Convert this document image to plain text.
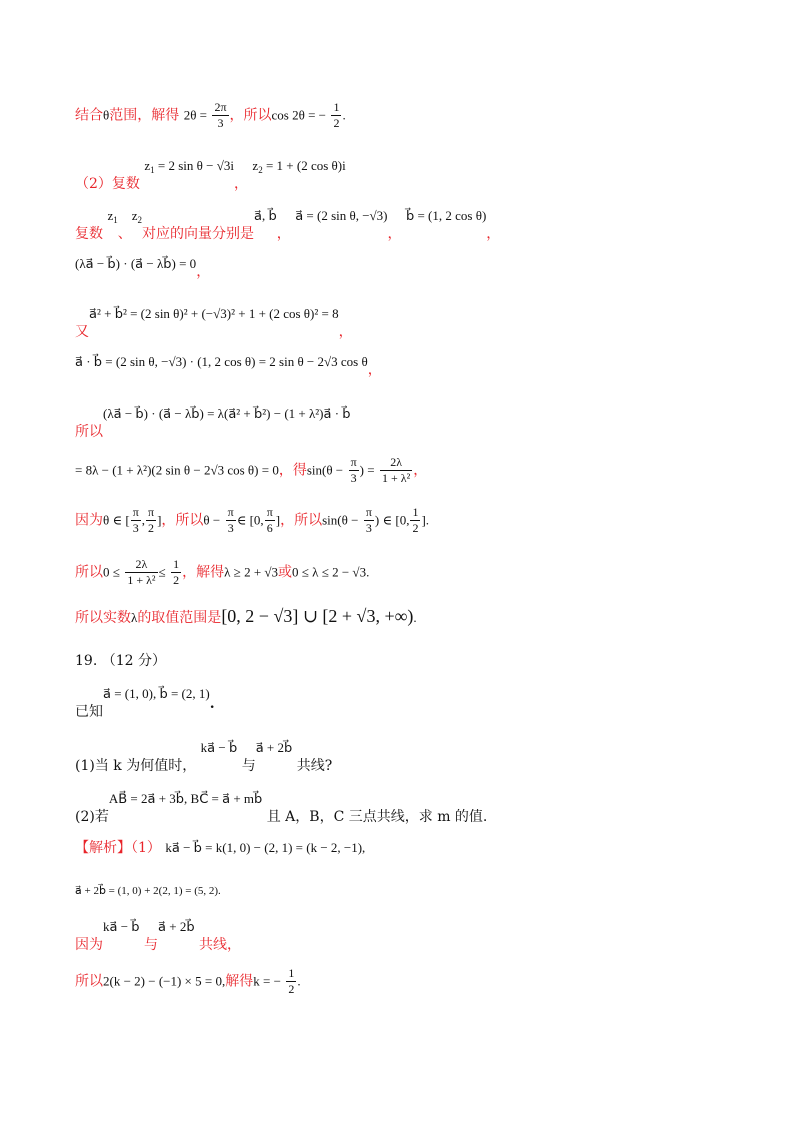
结合θ范围，解得 $2\theta = \frac{2\pi}{3}$ ，所以cos 2θ = − $\frac{1}{2}$ .
（2）复数 $z_1 = 2$ sin θ − √3i， $z_2 = 1 + (2$ cos θ)i
复数 $z_1$、$z_2$对应的向量分别是a⃗, b⃗， a⃗ = (2 sin θ, −√3)， b⃗ = (1, 2 cos θ)，
(λa⃗ − b⃗) · (a⃗ − λb⃗) = 0，
又a⃗² + b⃗² = (2 sin θ)² + (−√3)² + 1 + (2 cos θ)² = 8，
a⃗ · b⃗ = (2 sin θ, −√3) · (1, 2 cos θ) = 2 sin θ − 2√3 cos θ，
所以(λa⃗ − b⃗) · (a⃗ − λb⃗) = λ(a⃗² + b⃗²) − (1 + λ²)a⃗ · b⃗
= 8λ − (1 + λ²)(2 sin θ − 2√3 cos θ) = 0，得$\sin(\theta - \frac{\pi}{3}$ ) = $\frac{2\lambda}{\text{1 + λ²}}$ ，
因为θ ∈ [ $\frac{\pi}{3}$ , $\frac{\pi}{2}$ ]，所以$\theta - \frac{\pi}{3}$ ∈ [0, $\frac{\pi}{6}$ ]，所以$\sin(\theta - \frac{\pi}{3}$ ) ∈ [0, $\frac{1}{2}$ ].
所以$0 \le \frac{2\lambda}{\text{1 + λ²}} \le \frac{1}{2}$ ，解得λ ≥ 2 + √3或0 ≤ λ ≤ 2 − √3.
所以实数λ的取值范围是[0, 2 − √3] ∪ [2 + √3, +∞).
19. （12 分）
已知a⃗ = (1, 0), b⃗ = (2, 1).
(1)当 k 为何值时， ka⃗ − b⃗ 与a⃗ + 2b⃗ 共线?
(2)若AB⃗ = 2a⃗ + 3b⃗, BC⃗ = a⃗ + mb⃗ 且 A，B，C 三点共线，求 m 的值.
【解析】（1） ka⃗ − b⃗ = k(1, 0) − (2, 1) = (k − 2, −1),
a⃗ + 2b⃗ = (1, 0) + 2(2, 1) = (5, 2).
因为ka⃗ − b⃗ 与a⃗ + 2b⃗ 共线，
所以2(k − 2) − (−1) × 5 = 0,解得k = − $\frac{1}{2}$ .
